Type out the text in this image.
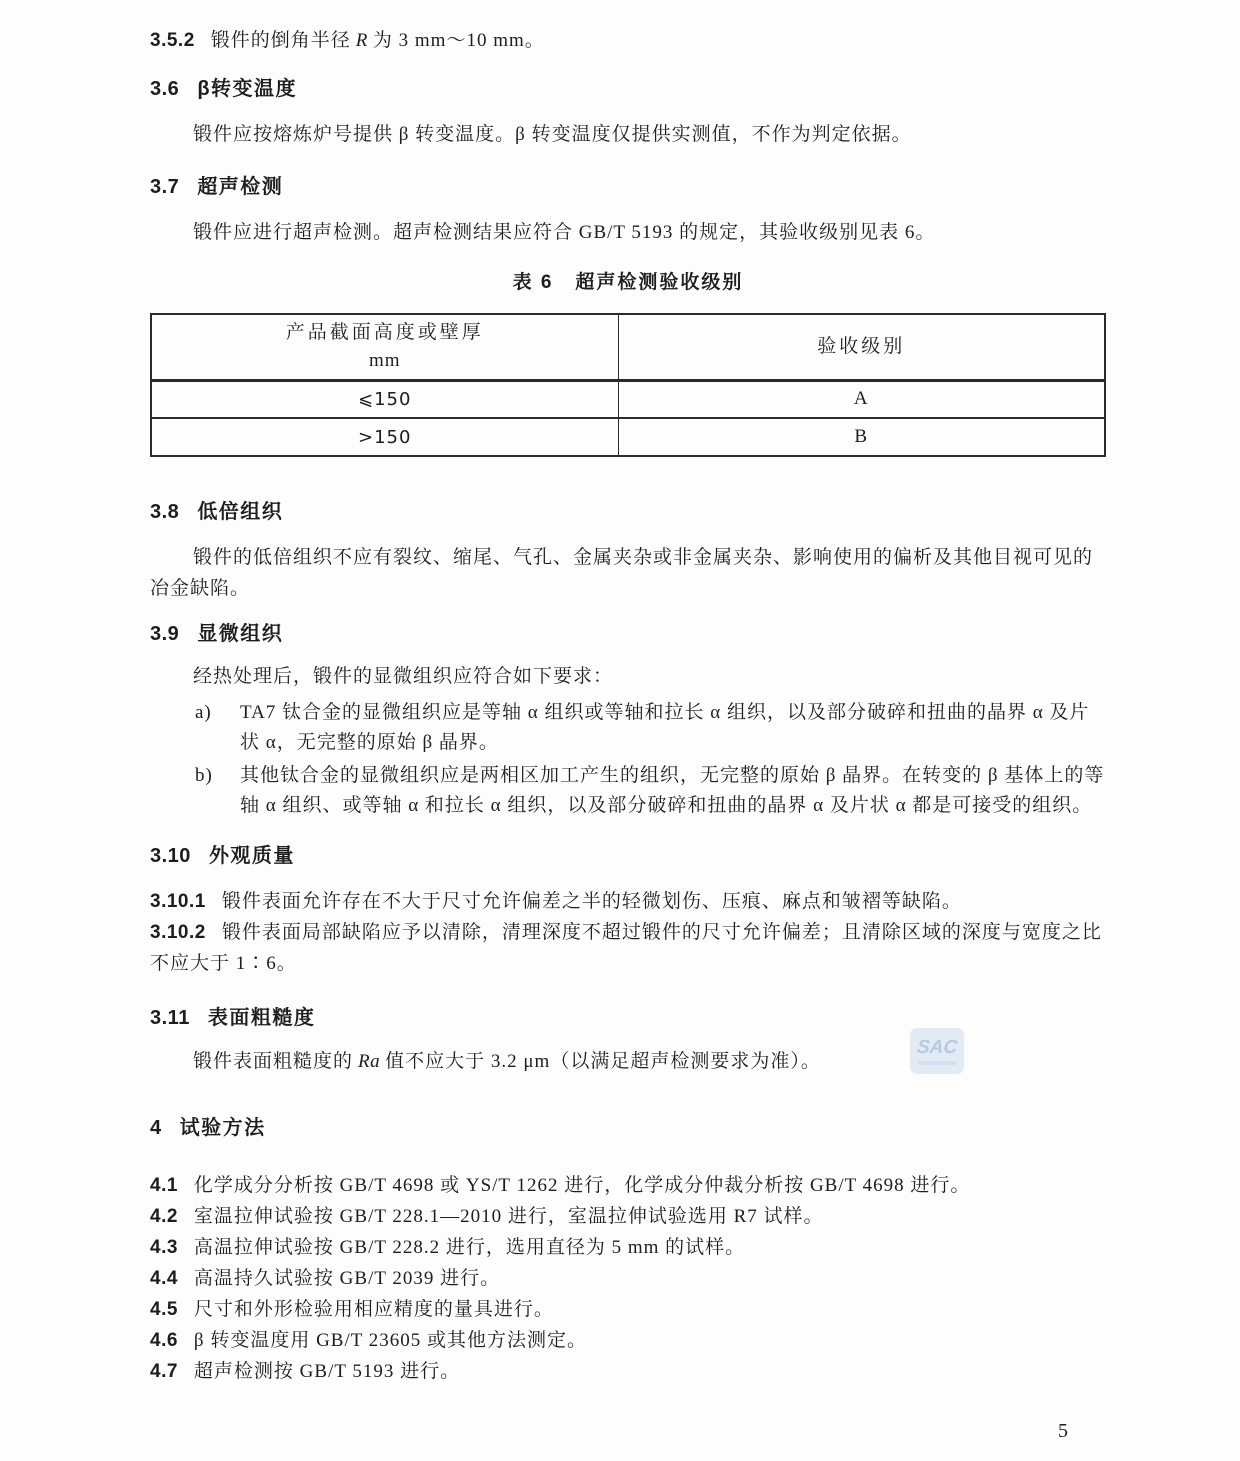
3.5.2 锻件的倒角半径 R 为 3 mm～10 mm。

3.6 β转变温度

锻件应按熔炼炉号提供 β 转变温度。β 转变温度仅提供实测值，不作为判定依据。

3.7 超声检测

锻件应进行超声检测。超声检测结果应符合 GB/T 5193 的规定，其验收级别见表 6。

表 6 超声检测验收级别
产品截面高度或壁厚
mm	验收级别
⩽150	A
>150	B
3.8 低倍组织

锻件的低倍组织不应有裂纹、缩尾、气孔、金属夹杂或非金属夹杂、影响使用的偏析及其他目视可见的冶金缺陷。

3.9 显微组织

经热处理后，锻件的显微组织应符合如下要求：

a)	TA7 钛合金的显微组织应是等轴 α 组织或等轴和拉长 α 组织，以及部分破碎和扭曲的晶界 α 及片状 α，无完整的原始 β 晶界。
b)	其他钛合金的显微组织应是两相区加工产生的组织，无完整的原始 β 晶界。在转变的 β 基体上的等轴 α 组织、或等轴 α 和拉长 α 组织，以及部分破碎和扭曲的晶界 α 及片状 α 都是可接受的组织。
3.10 外观质量

3.10.1 锻件表面允许存在不大于尺寸允许偏差之半的轻微划伤、压痕、麻点和皱褶等缺陷。

3.10.2 锻件表面局部缺陷应予以清除，清理深度不超过锻件的尺寸允许偏差；且清除区域的深度与宽度之比不应大于 1∶6。

3.11 表面粗糙度

锻件表面粗糙度的 Ra 值不应大于 3.2 μm（以满足超声检测要求为准）。

4 试验方法

4.1 化学成分分析按 GB/T 4698 或 YS/T 1262 进行，化学成分仲裁分析按 GB/T 4698 进行。

4.2 室温拉伸试验按 GB/T 228.1—2010 进行，室温拉伸试验选用 R7 试样。

4.3 高温拉伸试验按 GB/T 228.2 进行，选用直径为 5 mm 的试样。

4.4 高温持久试验按 GB/T 2039 进行。

4.5 尺寸和外形检验用相应精度的量具进行。

4.6 β 转变温度用 GB/T 23605 或其他方法测定。

4.7 超声检测按 GB/T 5193 进行。

SAC
5
